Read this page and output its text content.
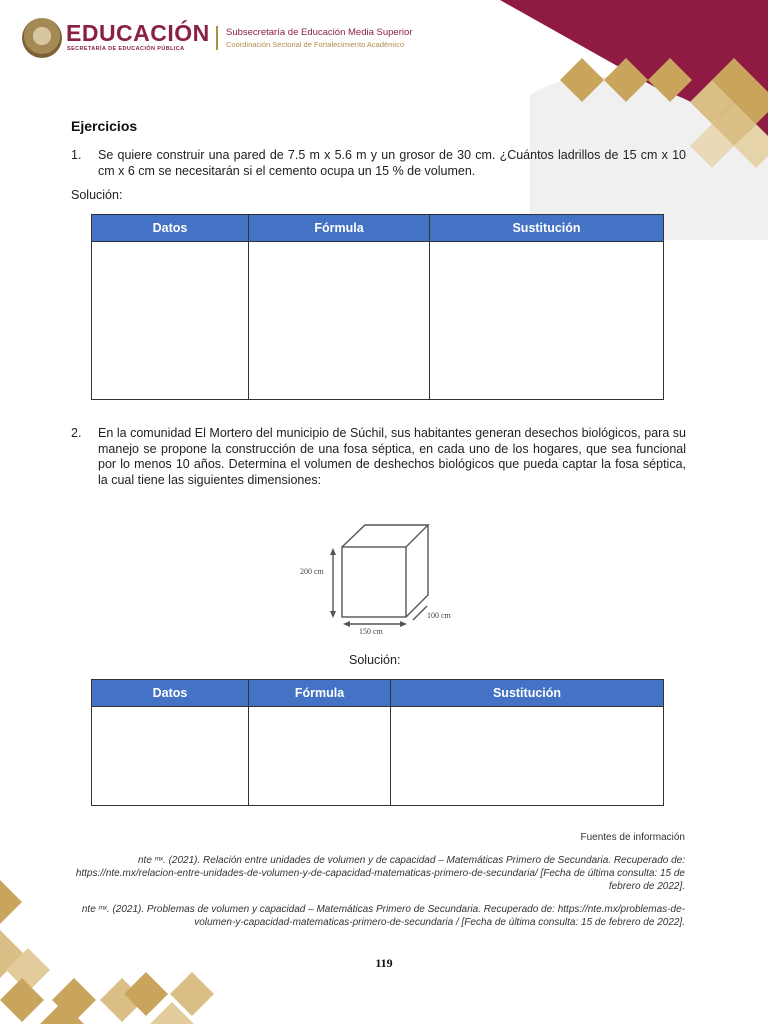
EDUCACIÓN
SECRETARÍA DE EDUCACIÓN PÚBLICA
Subsecretaría de Educación Media Superior
Coordinación Sectorial de Fortalecimiento Académico
Ejercicios
1. Se quiere construir una pared de 7.5 m x 5.6 m y un grosor de 30 cm. ¿Cuántos ladrillos de 15 cm x 10 cm x 6 cm se necesitarán si el cemento ocupa un 15 % de volumen.
Solución:
Datos	Fórmula	Sustitución

2. En la comunidad El Mortero del municipio de Súchil, sus habitantes generan desechos biológicos, para su manejo se propone la construcción de una fosa séptica, en cada uno de los hogares, que sea funcional por lo menos 10 años. Determina el volumen de deshechos biológicos que pueda captar la fosa séptica, la cual tiene las siguientes dimensiones:
200 cm
100 cm
150 cm
Solución:
Datos	Fórmula	Sustitución

Fuentes de información
nte ᵐˣ. (2021). Relación entre unidades de volumen y de capacidad – Matemáticas Primero de Secundaria. Recuperado de: https://nte.mx/relacion-entre-unidades-de-volumen-y-de-capacidad-matematicas-primero-de-secundaria/ [Fecha de última consulta: 15 de febrero de 2022].
nte ᵐˣ. (2021). Problemas de volumen y capacidad – Matemáticas Primero de Secundaria. Recuperado de: https://nte.mx/problemas-de-volumen-y-capacidad-matematicas-primero-de-secundaria / [Fecha de última consulta: 15 de febrero de 2022].
119
